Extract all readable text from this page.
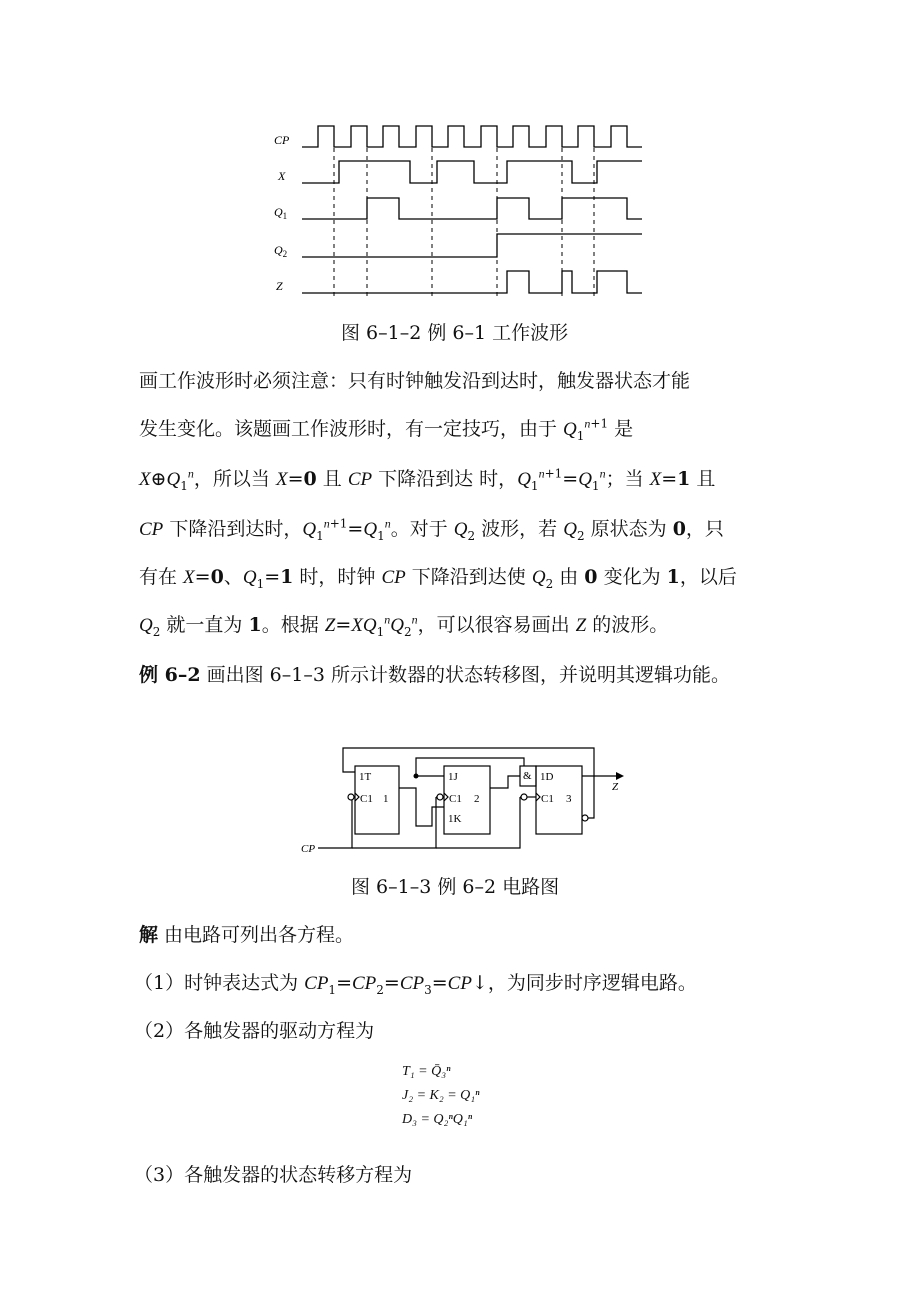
CP
X
$Q_1$
$Q_2$
Z
图 6–1–2 例 6–1 工作波形
画工作波形时必须注意：只有时钟触发沿到达时，触发器状态才能
发生变化。该题画工作波形时，有一定技巧，由于 $Q_1^{n+1}$ 是
$X\oplus Q_1^n$，所以当 X=0 且 CP 下降沿到达 时，$Q_1^{n+1}=Q_1^n$；当 X=1 且
CP 下降沿到达时，$Q_1^{n+1}=Q_1^n$。对于 $Q_2$ 波形，若 $Q_2$ 原状态为 0，只
有在 X=0、$Q_1=1$ 时，时钟 CP 下降沿到达使 $Q_2$ 由 0 变化为 1，以后
$Q_2$ 就一直为 1。根据 $Z=XQ_1^nQ_2^n$，可以很容易画出 Z 的波形。
例 6–2 画出图 6–1–3 所示计数器的状态转移图，并说明其逻辑功能。
1T
C1 1
1J
C1 2
1K
1D
C1 3
&
CP
Z
图 6–1–3 例 6–2 电路图
解 由电路可列出各方程。
（1）时钟表达式为 $CP_1=CP_2=CP_3=CP↓$，为同步时序逻辑电路。
（2）各触发器的驱动方程为
T₁ = Q̄₃ⁿ
J₂ = K₂ = Q₁ⁿ
D₃ = Q₂ⁿQ₁ⁿ
（3）各触发器的状态转移方程为
